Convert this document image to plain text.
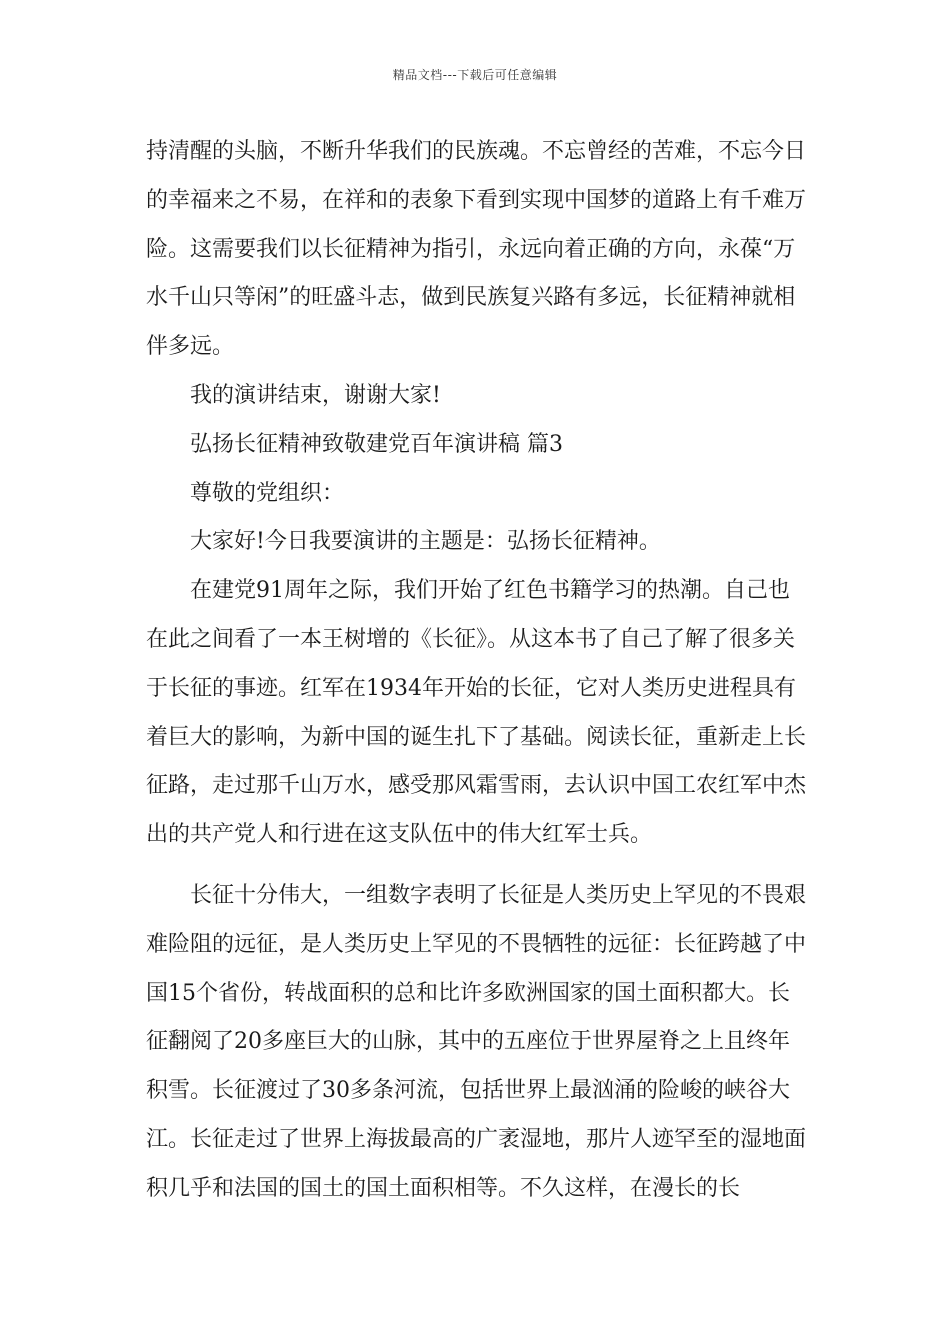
精品文档---下载后可任意编辑

持清醒的头脑，不断升华我们的民族魂。不忘曾经的苦难，不忘今日的幸福来之不易，在祥和的表象下看到实现中国梦的道路上有千难万险。这需要我们以长征精神为指引，永远向着正确的方向，永葆“万水千山只等闲”的旺盛斗志，做到民族复兴路有多远，长征精神就相伴多远。

我的演讲结束，谢谢大家!

弘扬长征精神致敬建党百年演讲稿 篇3

尊敬的党组织：

大家好!今日我要演讲的主题是：弘扬长征精神。

在建党91周年之际，我们开始了红色书籍学习的热潮。自己也在此之间看了一本王树增的《长征》。从这本书了自己了解了很多关于长征的事迹。红军在1934年开始的长征，它对人类历史进程具有着巨大的影响，为新中国的诞生扎下了基础。阅读长征，重新走上长征路，走过那千山万水，感受那风霜雪雨，去认识中国工农红军中杰出的共产党人和行进在这支队伍中的伟大红军士兵。

长征十分伟大，一组数字表明了长征是人类历史上罕见的不畏艰难险阻的远征，是人类历史上罕见的不畏牺牲的远征：长征跨越了中国15个省份，转战面积的总和比许多欧洲国家的国土面积都大。长征翻阅了20多座巨大的山脉，其中的五座位于世界屋脊之上且终年积雪。长征渡过了30多条河流，包括世界上最汹涌的险峻的峡谷大江。长征走过了世界上海拔最高的广袤湿地，那片人迹罕至的湿地面积几乎和法国的国土的国土面积相等。不久这样，在漫长的长
